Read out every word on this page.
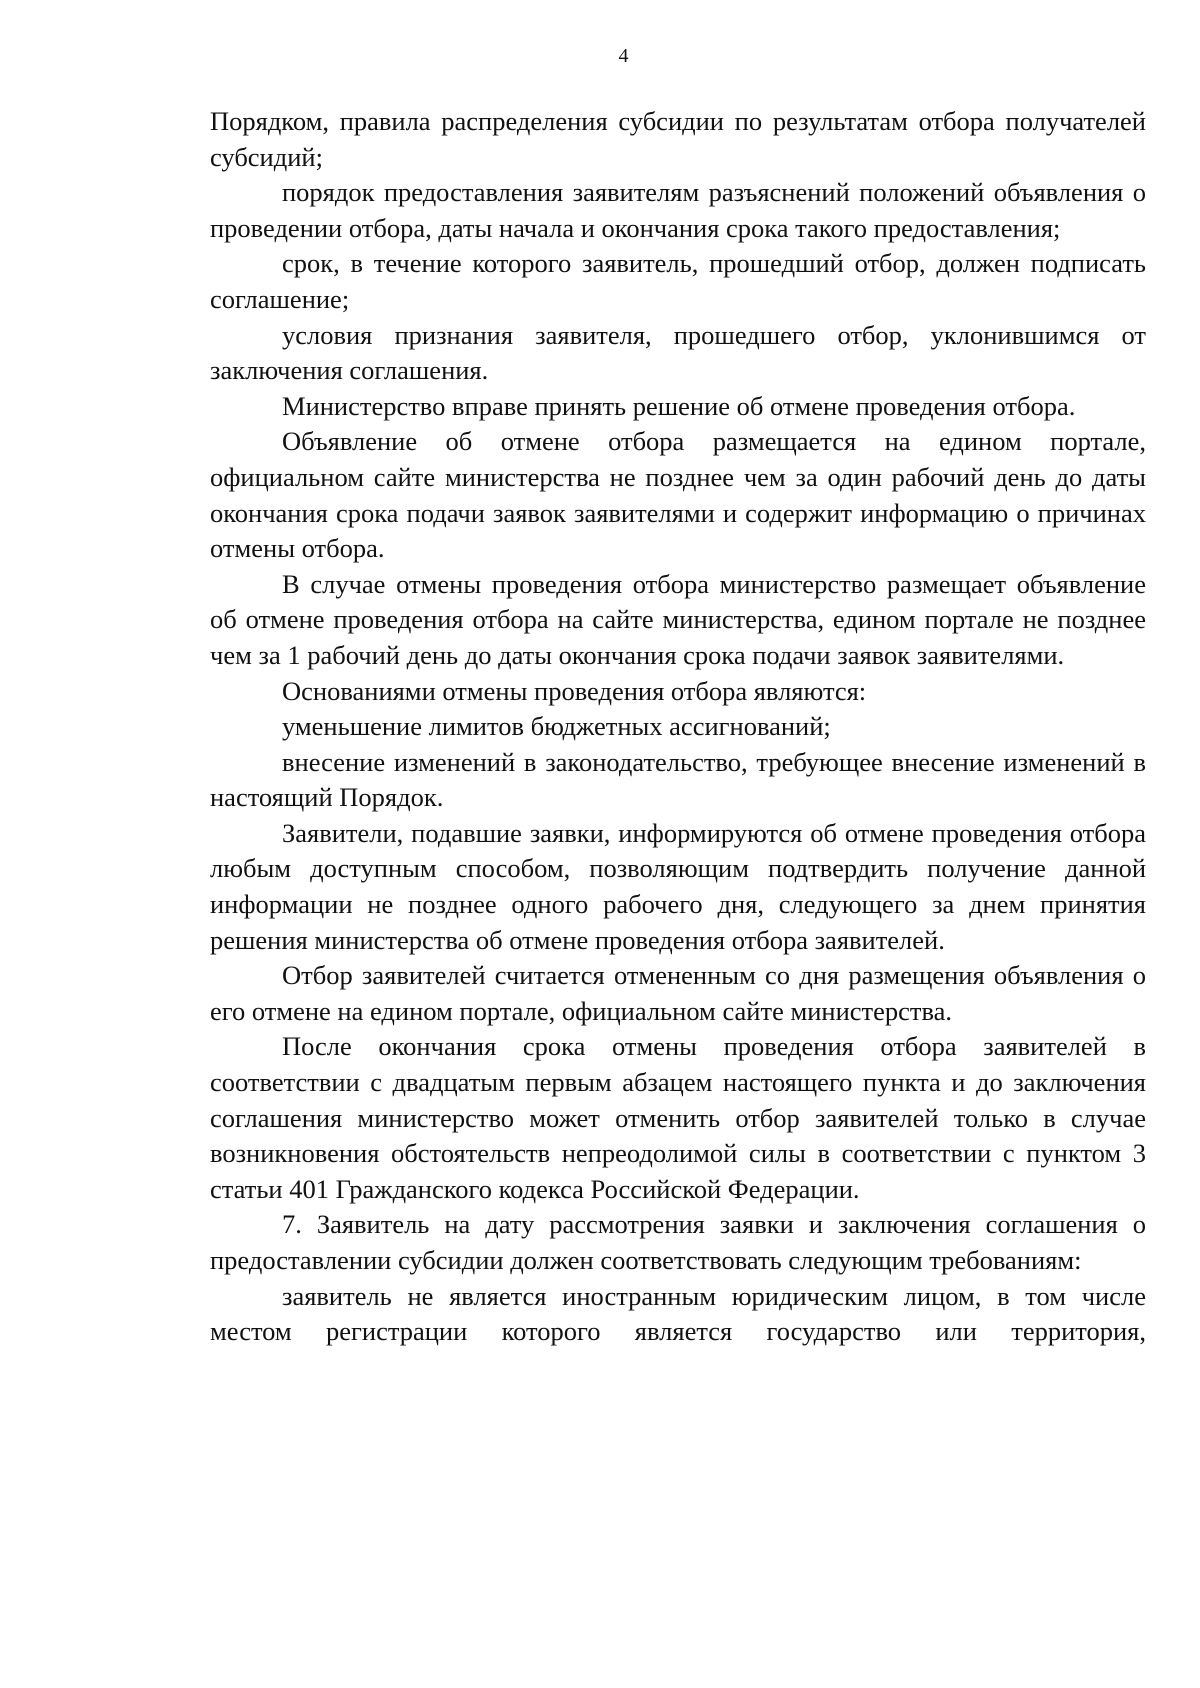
4

Порядком, правила распределения субсидии по результатам отбора получателей субсидий;

порядок предоставления заявителям разъяснений положений объявления о проведении отбора, даты начала и окончания срока такого предоставления;

срок, в течение которого заявитель, прошедший отбор, должен подписать соглашение;

условия признания заявителя, прошедшего отбор, уклонившимся от заключения соглашения.

Министерство вправе принять решение об отмене проведения отбора.

Объявление об отмене отбора размещается на едином портале, официальном сайте министерства не позднее чем за один рабочий день до даты окончания срока подачи заявок заявителями и содержит информацию о причинах отмены отбора.

В случае отмены проведения отбора министерство размещает объявление об отмене проведения отбора на сайте министерства, едином портале не позднее чем за 1 рабочий день до даты окончания срока подачи заявок заявителями.

Основаниями отмены проведения отбора являются:

уменьшение лимитов бюджетных ассигнований;

внесение изменений в законодательство, требующее внесение изменений в настоящий Порядок.

Заявители, подавшие заявки, информируются об отмене проведения отбора любым доступным способом, позволяющим подтвердить получение данной информации не позднее одного рабочего дня, следующего за днем принятия решения министерства об отмене проведения отбора заявителей.

Отбор заявителей считается отмененным со дня размещения объявления о его отмене на едином портале, официальном сайте министерства.

После окончания срока отмены проведения отбора заявителей в соответствии с двадцатым первым абзацем настоящего пункта и до заключения соглашения министерство может отменить отбор заявителей только в случае возникновения обстоятельств непреодолимой силы в соответствии с пунктом 3 статьи 401 Гражданского кодекса Российской Федерации.

7. Заявитель на дату рассмотрения заявки и заключения соглашения о предоставлении субсидии должен соответствовать следующим требованиям:

заявитель не является иностранным юридическим лицом, в том числе местом регистрации которого является государство или территория,
